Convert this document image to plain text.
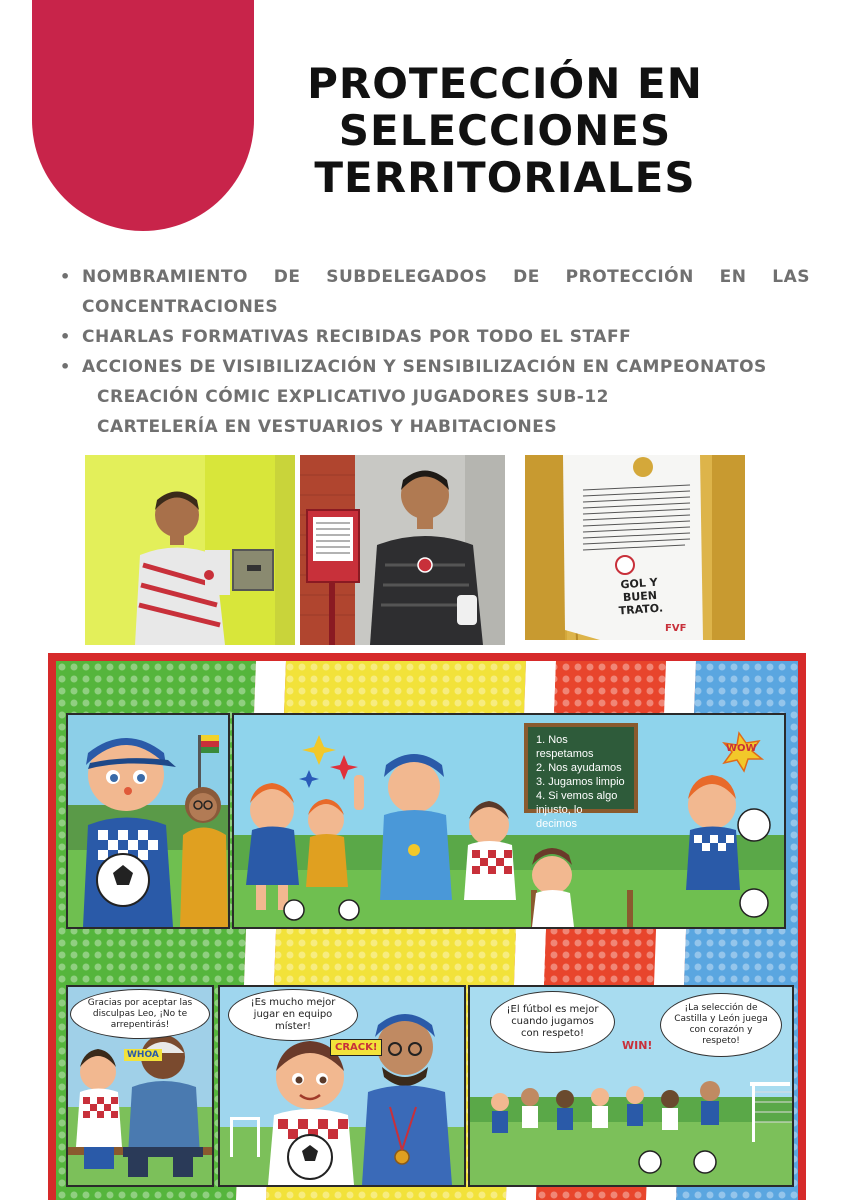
PROTECCIÓN EN
SELECCIONES
TERRITORIALES
• NOMBRAMIENTO DE SUBDELEGADOS DE PROTECCIÓN EN LAS
CONCENTRACIONES
• CHARLAS FORMATIVAS RECIBIDAS POR TODO EL STAFF
• ACCIONES DE VISIBILIZACIÓN Y SENSIBILIZACIÓN EN CAMPEONATOS
CREACIÓN CÓMIC EXPLICATIVO JUGADORES SUB-12
CARTELERÍA EN VESTUARIOS Y HABITACIONES
GOL Y BUEN TRATO.
FVF
1. Nos respetamos
2. Nos ayudamos
3. Jugamos limpio
4. Si vemos algo
injusto, lo decimos
WOW
Gracias por aceptar las disculpas Leo, ¡No te arrepentirás!
WHOA
¡Es mucho mejor jugar en equipo míster!
CRACK!
¡El fútbol es mejor cuando jugamos con respeto!
WIN!
¡La selección de Castilla y León juega con corazón y respeto!
